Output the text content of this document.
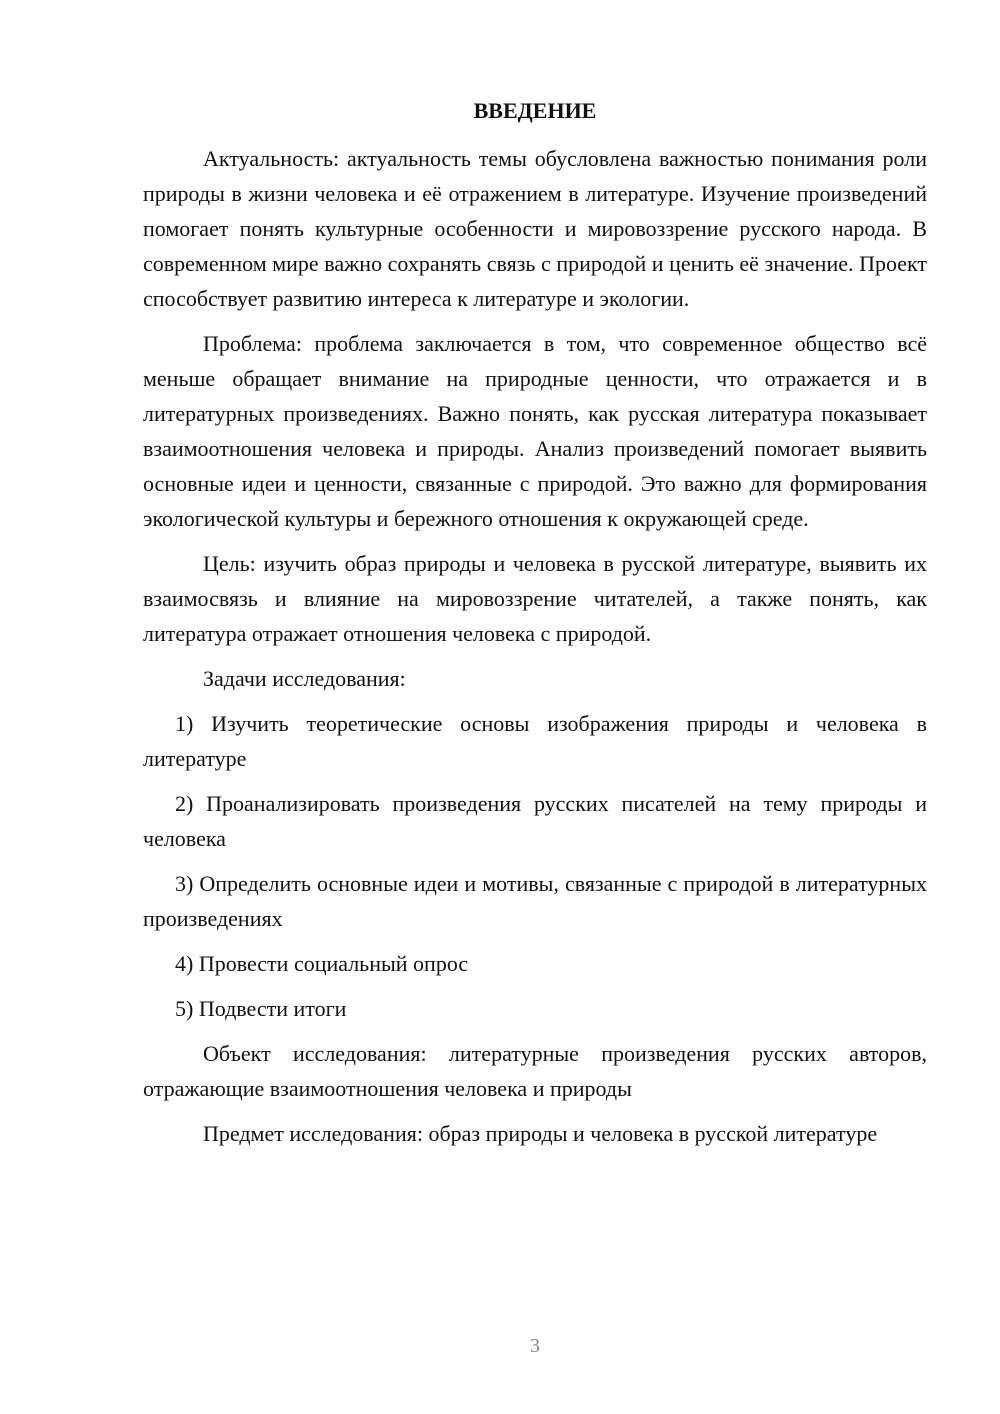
ВВЕДЕНИЕ

Актуальность: актуальность темы обусловлена важностью понимания роли природы в жизни человека и её отражением в литературе. Изучение произведений помогает понять культурные особенности и мировоззрение русского народа. В современном мире важно сохранять связь с природой и ценить её значение. Проект способствует развитию интереса к литературе и экологии.

Проблема: проблема заключается в том, что современное общество всё меньше обращает внимание на природные ценности, что отражается и в литературных произведениях. Важно понять, как русская литература показывает взаимоотношения человека и природы. Анализ произведений помогает выявить основные идеи и ценности, связанные с природой. Это важно для формирования экологической культуры и бережного отношения к окружающей среде.

Цель: изучить образ природы и человека в русской литературе, выявить их взаимосвязь и влияние на мировоззрение читателей, а также понять, как литература отражает отношения человека с природой.

Задачи исследования:

1) Изучить теоретические основы изображения природы и человека в литературе

2) Проанализировать произведения русских писателей на тему природы и человека

3) Определить основные идеи и мотивы, связанные с природой в литературных произведениях

4) Провести социальный опрос

5) Подвести итоги

Объект исследования: литературные произведения русских авторов, отражающие взаимоотношения человека и природы

Предмет исследования: образ природы и человека в русской литературе

3
